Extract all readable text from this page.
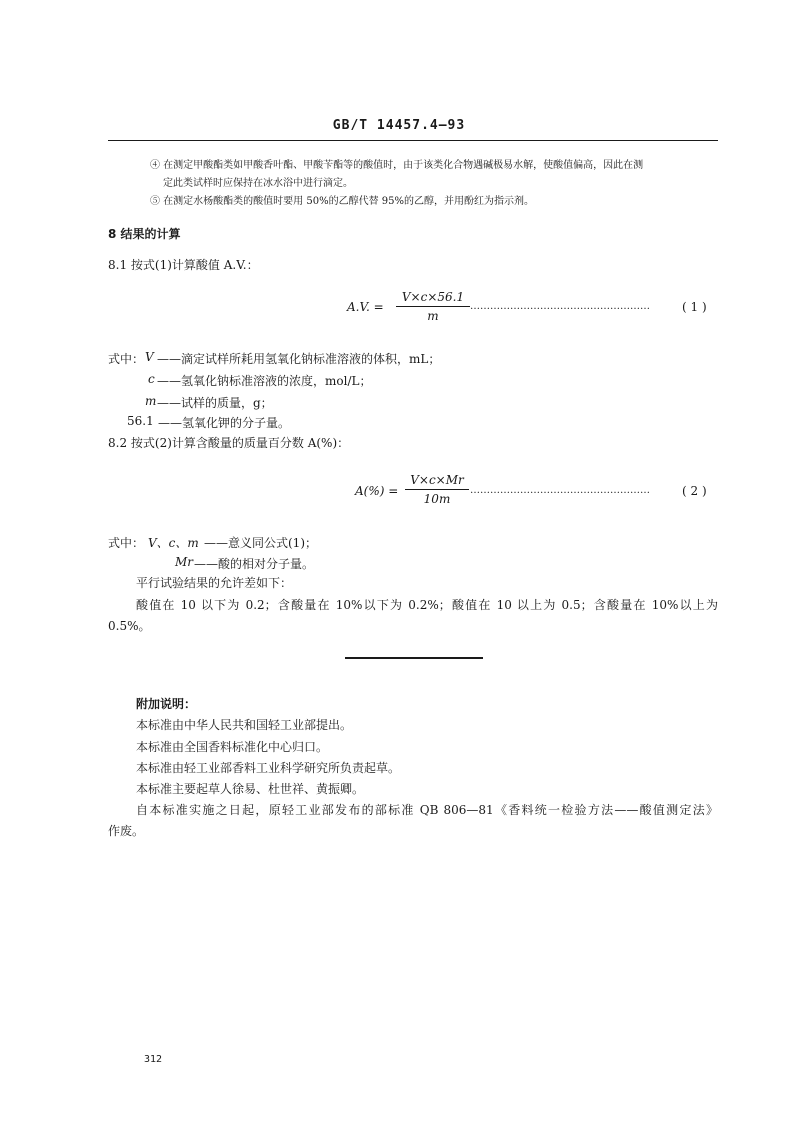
GB/T 14457.4—93
④ 在测定甲酸酯类如甲酸香叶酯、甲酸苄酯等的酸值时，由于该类化合物遇碱极易水解，使酸值偏高，因此在测
定此类试样时应保持在冰水浴中进行滴定。
⑤ 在测定水杨酸酯类的酸值时要用 50%的乙醇代替 95%的乙醇，并用酚红为指示剂。
8 结果的计算
8.1 按式(1)计算酸值 A.V.：
A.V. = $\frac{V\times c\times 56.1}{m}$ ………………………………………………	( 1 )
式中： V ——滴定试样所耗用氢氧化钠标准溶液的体积，mL；
c ——氢氧化钠标准溶液的浓度，mol/L；
m ——试样的质量，g；
56.1 ——氢氧化钾的分子量。
8.2 按式(2)计算含酸量的质量百分数 A(%)：
$A(\%) = \frac{V\times c\times Mr}{10m}$ ………………………………………………	( 2 )
式中： V、c、m ——意义同公式(1)；
Mr ——酸的相对分子量。
平行试验结果的允许差如下：
酸值在 10 以下为 0.2；含酸量在 10%以下为 0.2%；酸值在 10 以上为 0.5；含酸量在 10%以上为
0.5%。
附加说明：
本标准由中华人民共和国轻工业部提出。
本标准由全国香料标准化中心归口。
本标准由轻工业部香料工业科学研究所负责起草。
本标准主要起草人徐易、杜世祥、黄振卿。
自本标准实施之日起，原轻工业部发布的部标准 QB 806—81《香料统一检验方法——酸值测定法》
作废。
312
